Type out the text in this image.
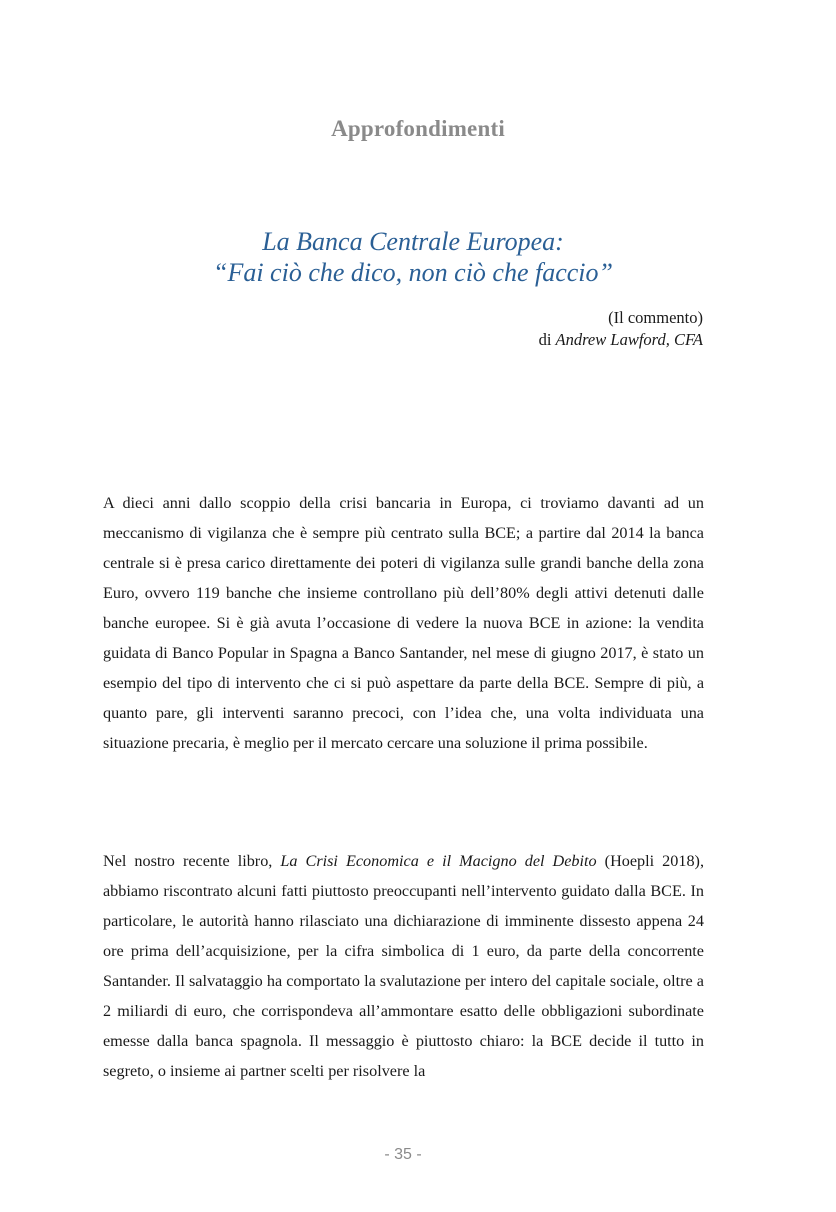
Approfondimenti
La Banca Centrale Europea:
“Fai ciò che dico, non ciò che faccio”
(Il commento)
di Andrew Lawford, CFA

A dieci anni dallo scoppio della crisi bancaria in Europa, ci troviamo davanti ad un meccanismo di vigilanza che è sempre più centrato sulla BCE; a partire dal 2014 la banca centrale si è presa carico direttamente dei poteri di vigilanza sulle grandi banche della zona Euro, ovvero 119 banche che insieme controllano più dell’80% degli attivi detenuti dalle banche europee. Si è già avuta l’occasione di vedere la nuova BCE in azione: la vendita guidata di Banco Popular in Spagna a Banco Santander, nel mese di giugno 2017, è stato un esempio del tipo di intervento che ci si può aspettare da parte della BCE. Sempre di più, a quanto pare, gli interventi saranno precoci, con l’idea che, una volta individuata una situazione precaria, è meglio per il mercato cercare una soluzione il prima possibile.

Nel nostro recente libro, La Crisi Economica e il Macigno del Debito (Hoepli 2018), abbiamo riscontrato alcuni fatti piuttosto preoccupanti nell’intervento guidato dalla BCE. In particolare, le autorità hanno rilasciato una dichiarazione di imminente dissesto appena 24 ore prima dell’acquisizione, per la cifra simbolica di 1 euro, da parte della concorrente Santander. Il salvataggio ha comportato la svalutazione per intero del capitale sociale, oltre a 2 miliardi di euro, che corrispondeva all’ammontare esatto delle obbligazioni subordinate emesse dalla banca spagnola. Il messaggio è piuttosto chiaro: la BCE decide il tutto in segreto, o insieme ai partner scelti per risolvere la

- 35 -
